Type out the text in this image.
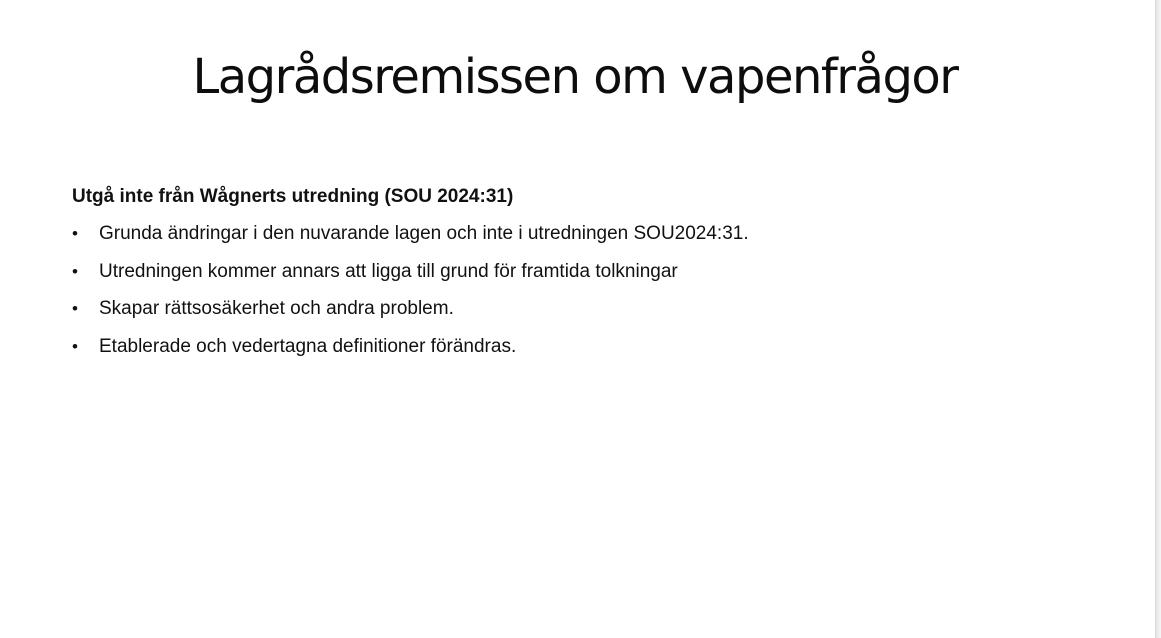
Lagrådsremissen om vapenfrågor

Utgå inte från Wågnerts utredning (SOU 2024:31)

•	Grunda ändringar i den nuvarande lagen och inte i utredningen SOU2024:31.
•	Utredningen kommer annars att ligga till grund för framtida tolkningar
•	Skapar rättsosäkerhet och andra problem.
•	Etablerade och vedertagna definitioner förändras.
